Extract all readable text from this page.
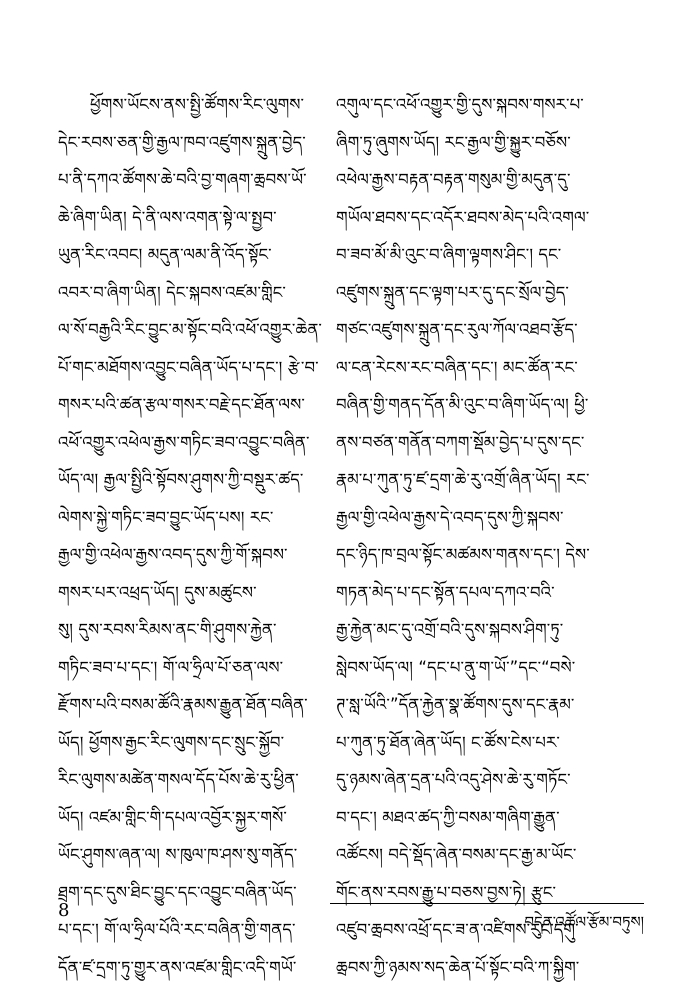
ཕྱོགས་ཡོངས་ནས་སྤྱི་ཚོགས་རིང་ལུགས་
དེང་རབས་ཅན་གྱི་རྒྱལ་ཁབ་འཛུགས་སྐྲུན་བྱེད་
པ་ནི་དཀའ་ཚོགས་ཆེ་བའི་བྱ་གཞག་ཆྲབས་ཡོ་
ཆེ་ཞིག་ཡིན། དེ་ནི་ལས་འགན་སྟེ་ལ་སྤྱབ་
ཡུན་རིང་འབང། མདུན་ལམ་ནི་འོད་སྟོང་
འབར་བ་ཞིག་ཡིན། དེང་སྐབས་འཛམ་གླིང་
ལ་སོ་བརྒྱའི་རིང་བྱུང་མ་སྟོང་བའི་འཕོ་འགྱུར་ཆེན་
པོ་གང་མཐོགས་འབྱུང་བཞིན་ཡོད་པ་དང་། རྩེ་བ་
གསར་པའི་ཚན་རྩལ་གསར་བརྗེ་དང་ཐོན་ལས་
འཕོ་འགྱུར་འཕེལ་རྒྱས་གཏིང་ཟབ་འབྱུང་བཞིན་
ཡོད་ལ། རྒྱལ་སྤྱིའི་སྟོབས་ཤུགས་ཀྱི་བསྡུར་ཚད་
ལེགས་སྐྱེ་གཏིང་ཟབ་བྱུང་ཡོད་པས། རང་
རྒྱལ་གྱི་འཕེལ་རྒྱས་འབད་དུས་ཀྱི་གོ་སྐབས་
གསར་པར་འཕྲད་ཡོད། དུས་མཚུངས་
སུ། དུས་རབས་རིམས་ནང་གི་ཤུགས་རྐྱེན་
གཏིང་ཟབ་པ་དང་། གོ་ལ་ཧྲིལ་པོ་ཅན་ལས་
རྫོགས་པའི་བསམ་ཚོའི་རྣམས་རྒྱུན་ཐོན་བཞིན་
ཡོད། ཕྱོགས་རྒྱང་རིང་ལུགས་དང་སྲུང་སྐྱོབ་
རིང་ལུགས་མཚེན་གསལ་དོད་པོས་ཆེ་རུ་ཕྱིན་
ཡོད། འཛམ་གླིང་གི་དཔལ་འབྱོར་སྐྱར་གསོ་
ཡོང་ཤུགས་ཞན་ལ། ས་ཁུལ་ཁ་ཤས་སུ་གནོད་
ཐྲག་དང་དུས་ཐིང་བྱུང་དང་འབྱུང་བཞིན་ཡོད་
པ་དང་། གོ་ལ་ཧྲིལ་པོའི་རང་བཞིན་གྱི་གནད་
དོན་ཛ་དྲག་ཏུ་གྱུར་ནས་འཛམ་གླིང་འདི་གཡོ་
འགུལ་དང་འཕོ་འགྱུར་གྱི་དུས་སྐབས་གསར་པ་
ཞིག་ཏུ་ཞུགས་ཡོད། རང་རྒྱལ་གྱི་སྐྱུར་བཅོས་
འཕེལ་རྒྱས་བརྟན་བརྟན་གསུམ་གྱི་མདུན་དུ་
གཡོལ་ཐབས་དང་འདོར་ཐབས་མེད་པའི་འགལ་
བ་ཟབ་མོ་མི་འུང་བ་ཞིག་ལྟགས་ཤིང་། དང་
འཛུགས་སྐྲུན་དང་ལྟག་པར་དུ་དང་སྲོལ་བྱེད་
གཙང་འཛུགས་སྐྲུན་དང་རུལ་ཀོལ་འཐབ་རྩོད་
ལ་ངན་རེངས་རང་བཞིན་དང་། མང་ཚོན་རང་
བཞིན་གྱི་གནད་དོན་མི་འུང་བ་ཞིག་ཡོད་ལ། ཕྱི་
ནས་བཙན་གནོན་བཀག་སྡོམ་བྱེད་པ་དུས་དང་
རྣམ་པ་ཀུན་ཏུ་ཛ་དྲག་ཆེ་རུ་འགྲོ་ཞིན་ཡོད། རང་
རྒྱལ་གྱི་འཕེལ་རྒྱས་དེ་འབད་དུས་ཀྱི་སྐབས་
དང་ཉིད་ཁ་བྲལ་སྟོང་མཚམས་གནས་དང་། དེས་
གཏན་མེད་པ་དང་སྟོན་དཔལ་དཀའ་བའི་
རྒྱ་རྐྱེན་མང་དུ་འགྲོ་བའི་དུས་སྐབས་ཤིག་ཏུ་
སླེབས་ཡོད་ལ། “དང་པ་ནུ་ག་ཡོ་”དང་“བསེ་
ཊ་སླ་ཡོའི་”དོན་རྐྱེན་སྣ་ཚོགས་དུས་དང་རྣམ་
པ་ཀུན་ཏུ་ཐོན་ཞེན་ཡོད། ང་ཚོས་ངེས་པར་
དུ་ཉམས་ཞེན་དྲན་པའི་འདུ་ཤེས་ཆེ་རུ་གཏོང་
བ་དང་། མཐའ་ཚད་ཀྱི་བསམ་གཞིག་རྒྱུན་
འཚོངས། བདེ་སྡོད་ཞེན་བསམ་དང་རྒྱ་མ་ཡོང་
གོང་ནས་རབས་རྒྱུ་པ་བཅས་བྱས་ཏེ། རྩུང་
འཛུབ་ཆྲབས་འཕྲོ་དང་ཟ་ན་འཛིགས་རུང་དགུ་
ཆྲབས་ཀྱི་ཉམས་སད་ཆེན་པོ་སྟོང་བའི་ཀ་སྐྱིག་
8
བདེན་འཚོལ་རྩོམ་བཏུས།
